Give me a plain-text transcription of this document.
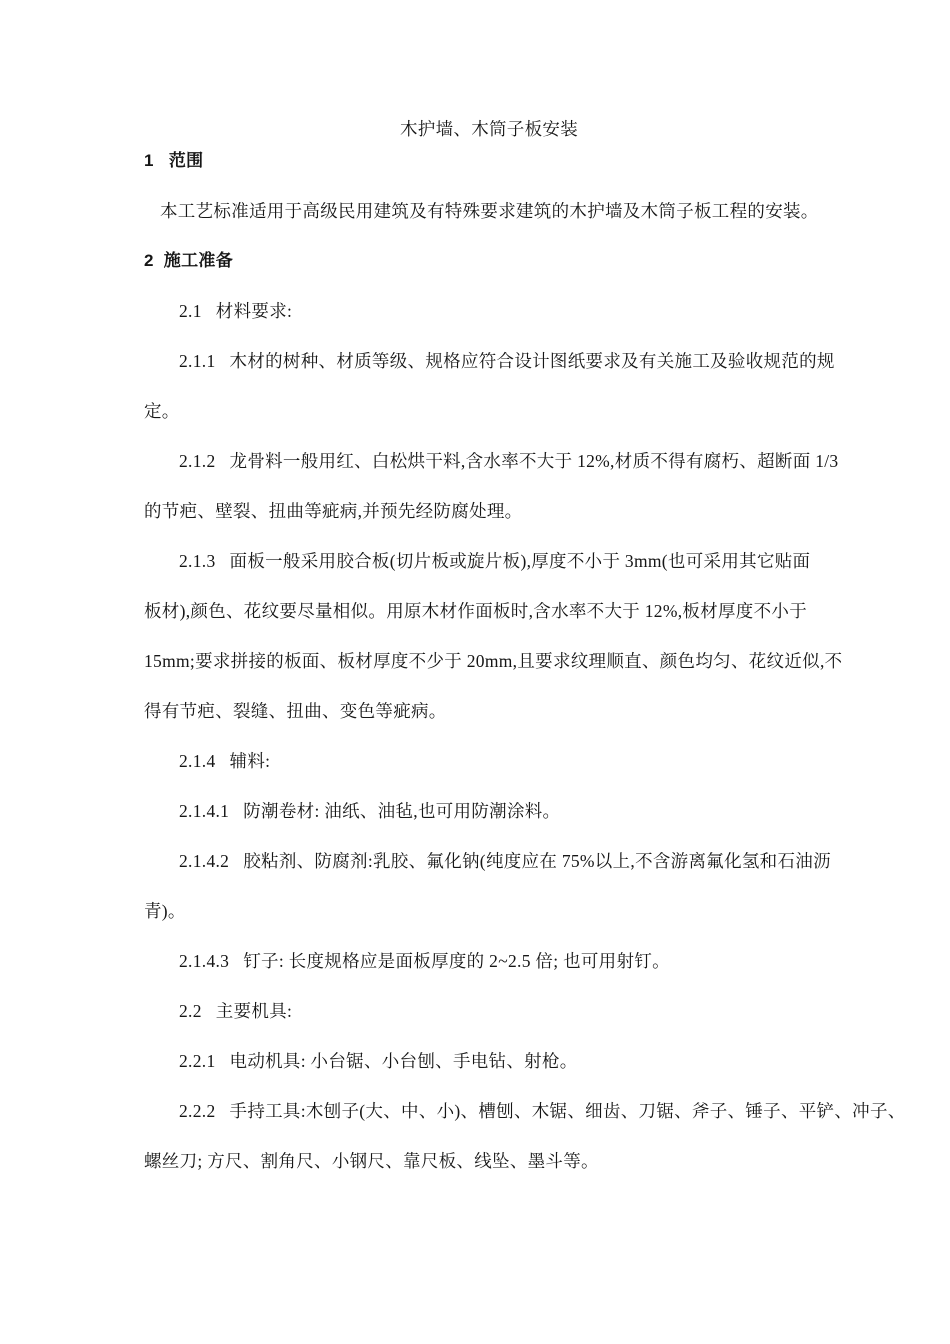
木护墙、木筒子板安装
1   范围
本工艺标准适用于高级民用建筑及有特殊要求建筑的木护墙及木筒子板工程的安装。
2  施工准备
2.1   材料要求:
2.1.1   木材的树种、材质等级、规格应符合设计图纸要求及有关施工及验收规范的规
定。
2.1.2   龙骨料一般用红、白松烘干料,含水率不大于 12%,材质不得有腐朽、超断面 1/3
的节疤、壁裂、扭曲等疵病,并预先经防腐处理。
2.1.3   面板一般采用胶合板(切片板或旋片板),厚度不小于 3mm(也可采用其它贴面
板材),颜色、花纹要尽量相似。用原木材作面板时,含水率不大于 12%,板材厚度不小于
15mm;要求拼接的板面、板材厚度不少于 20mm,且要求纹理顺直、颜色均匀、花纹近似,不
得有节疤、裂缝、扭曲、变色等疵病。
2.1.4   辅料:
2.1.4.1   防潮卷材: 油纸、油毡,也可用防潮涂料。
2.1.4.2   胶粘剂、防腐剂:乳胶、氟化钠(纯度应在 75%以上,不含游离氟化氢和石油沥
青)。
2.1.4.3   钉子: 长度规格应是面板厚度的 2~2.5 倍; 也可用射钉。
2.2   主要机具:
2.2.1   电动机具: 小台锯、小台刨、手电钻、射枪。
2.2.2   手持工具:木刨子(大、中、小)、槽刨、木锯、细齿、刀锯、斧子、锤子、平铲、冲子、
螺丝刀; 方尺、割角尺、小钢尺、靠尺板、线坠、墨斗等。
